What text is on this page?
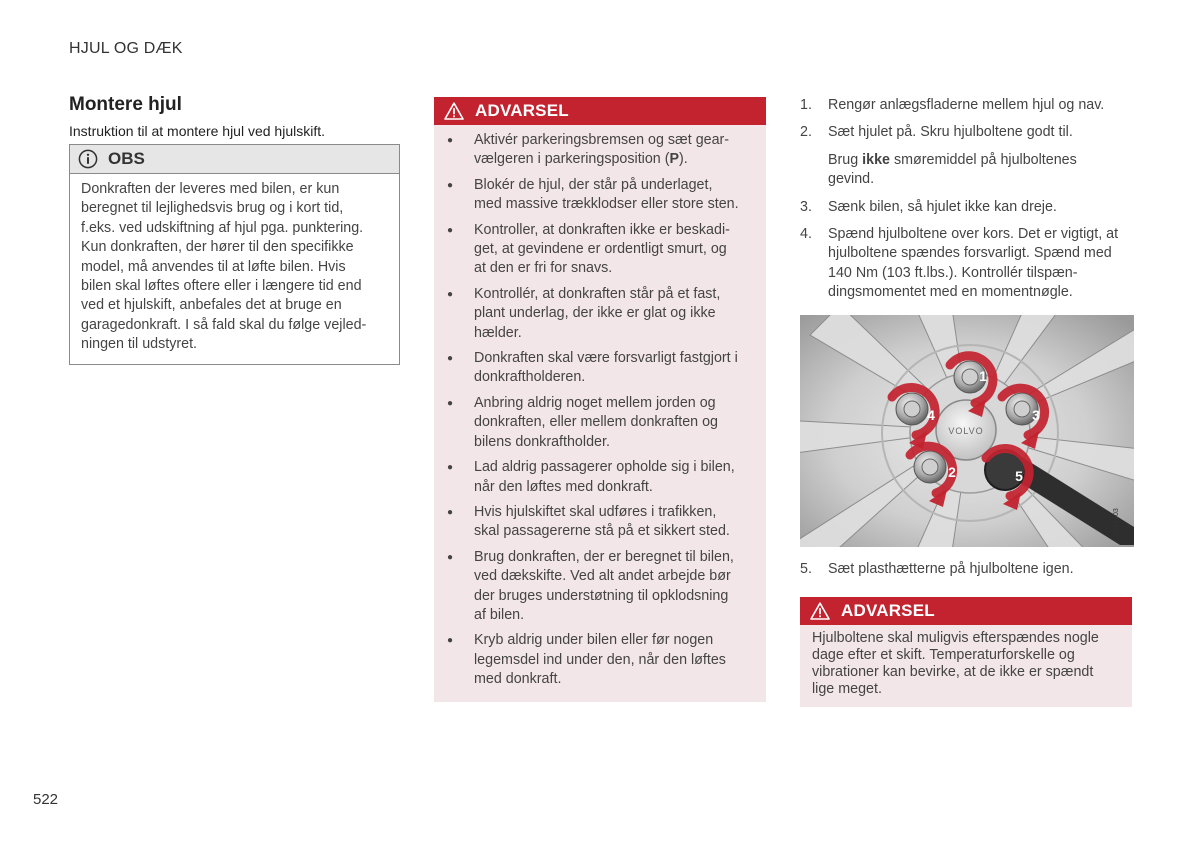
HJUL OG DÆK
Montere hjul

Instruktion til at montere hjul ved hjulskift.

OBS
Donkraften der leveres med bilen, er kun
beregnet til lejlighedsvis brug og i kort tid,
f.eks. ved udskiftning af hjul pga. punktering.
Kun donkraften, der hører til den specifikke
model, må anvendes til at løfte bilen. Hvis
bilen skal løftes oftere eller i længere tid end
ved et hjulskift, anbefales det at bruge en
garagedonkraft. I så fald skal du følge vejled-
ningen til udstyret.
ADVARSEL
● Aktivér parkeringsbremsen og sæt gear-
vælgeren i parkeringsposition (P).
● Blokér de hjul, der står på underlaget,
med massive trækklodser eller store sten.
● Kontroller, at donkraften ikke er beskadi-
get, at gevindene er ordentligt smurt, og
at den er fri for snavs.
● Kontrollér, at donkraften står på et fast,
plant underlag, der ikke er glat og ikke
hælder.
● Donkraften skal være forsvarligt fastgjort i
donkraftholderen.
● Anbring aldrig noget mellem jorden og
donkraften, eller mellem donkraften og
bilens donkraftholder.
● Lad aldrig passagerer opholde sig i bilen,
når den løftes med donkraft.
● Hvis hjulskiftet skal udføres i trafikken,
skal passagererne stå på et sikkert sted.
● Brug donkraften, der er beregnet til bilen,
ved dækskifte. Ved alt andet arbejde bør
der bruges understøtning til opklodsning
af bilen.
● Kryb aldrig under bilen eller før nogen
legemsdel ind under den, når den løftes
med donkraft.
1. Rengør anlægsfladerne mellem hjul og nav.
2. Sæt hjulet på. Skru hjulboltene godt til.
Brug ikke smøremiddel på hjulboltenes
gevind.
3. Sænk bilen, så hjulet ikke kan dreje.
4. Spænd hjulboltene over kors. Det er vigtigt, at
hjulboltene spændes forsvarligt. Spænd med
140 Nm (103 ft.lbs.). Kontrollér tilspæn-
dingsmomentet med en momentnøgle.
VOLVO
1
2
3
4
5
G051903
5. Sæt plasthætterne på hjulboltene igen.
ADVARSEL
Hjulboltene skal muligvis efterspændes nogle
dage efter et skift. Temperaturforskelle og
vibrationer kan bevirke, at de ikke er spændt
lige meget.
522
